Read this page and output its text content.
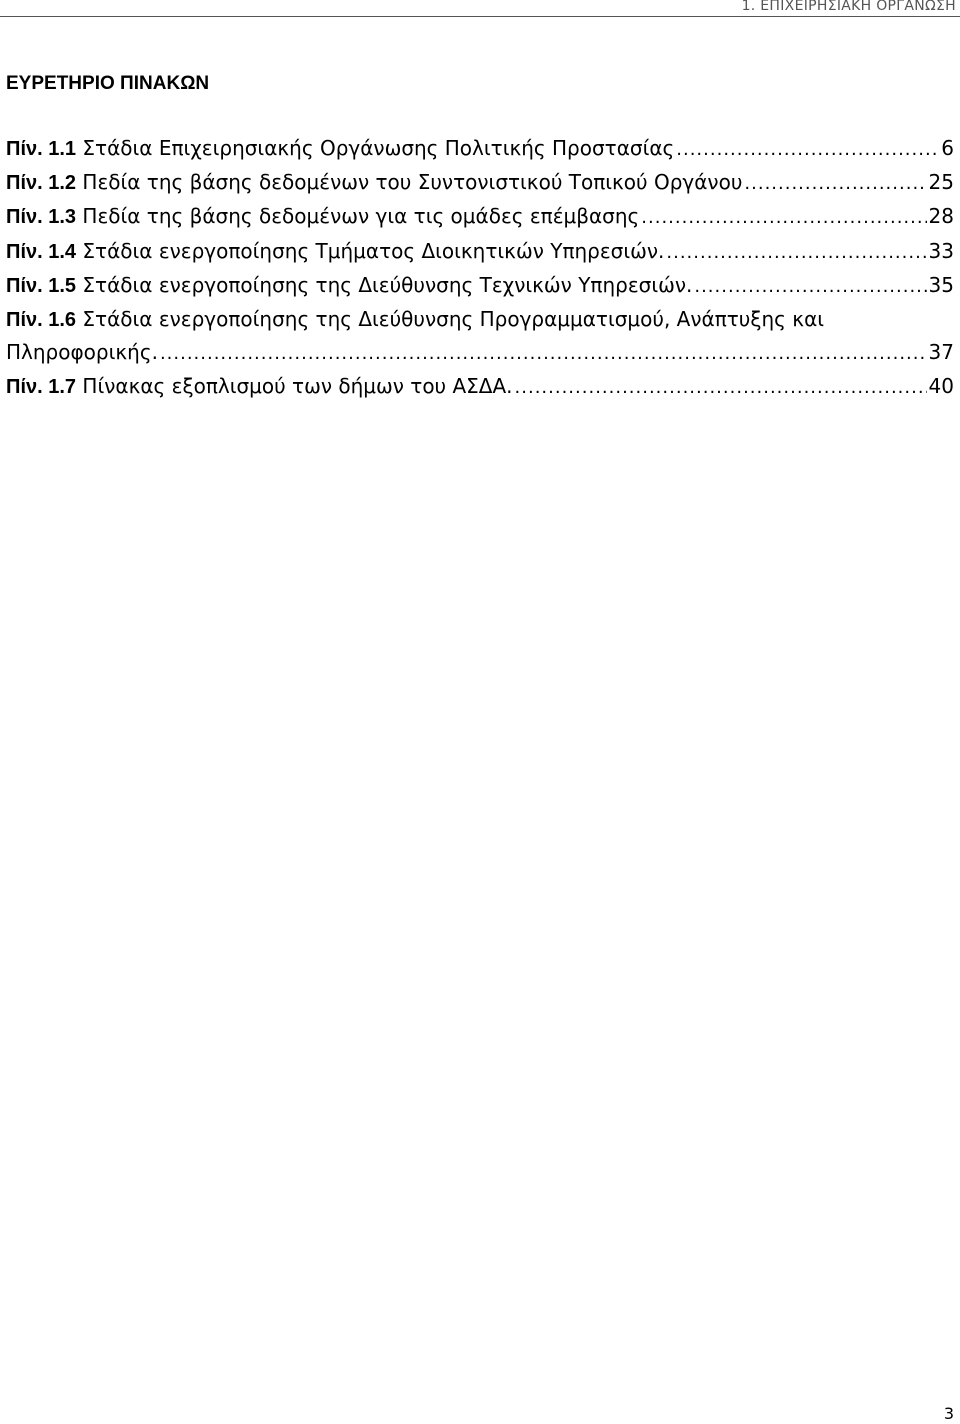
1. ΕΠΙΧΕΙΡΗΣΙΑΚΗ ΟΡΓΑΝΩΣΗ
ΕΥΡΕΤΗΡΙΟ ΠΙΝΑΚΩΝ
Πίν. 1.1 Στάδια Επιχειρησιακής Οργάνωσης Πολιτικής Προστασίας .....	6
Πίν. 1.2 Πεδία της βάσης δεδομένων του Συντονιστικού Τοπικού Οργάνου .....	25
Πίν. 1.3 Πεδία της βάσης δεδομένων για τις ομάδες επέμβασης .....	28
Πίν. 1.4 Στάδια ενεργοποίησης Τμήματος Διοικητικών Υπηρεσιών. .....	33
Πίν. 1.5 Στάδια ενεργοποίησης της Διεύθυνσης Τεχνικών Υπηρεσιών. .....	35
Πίν. 1.6 Στάδια ενεργοποίησης της Διεύθυνσης Προγραμματισμού, Ανάπτυξης και
Πληροφορικής. .....	37
Πίν. 1.7 Πίνακας εξοπλισμού των δήμων του ΑΣΔΑ. .....	40
3
